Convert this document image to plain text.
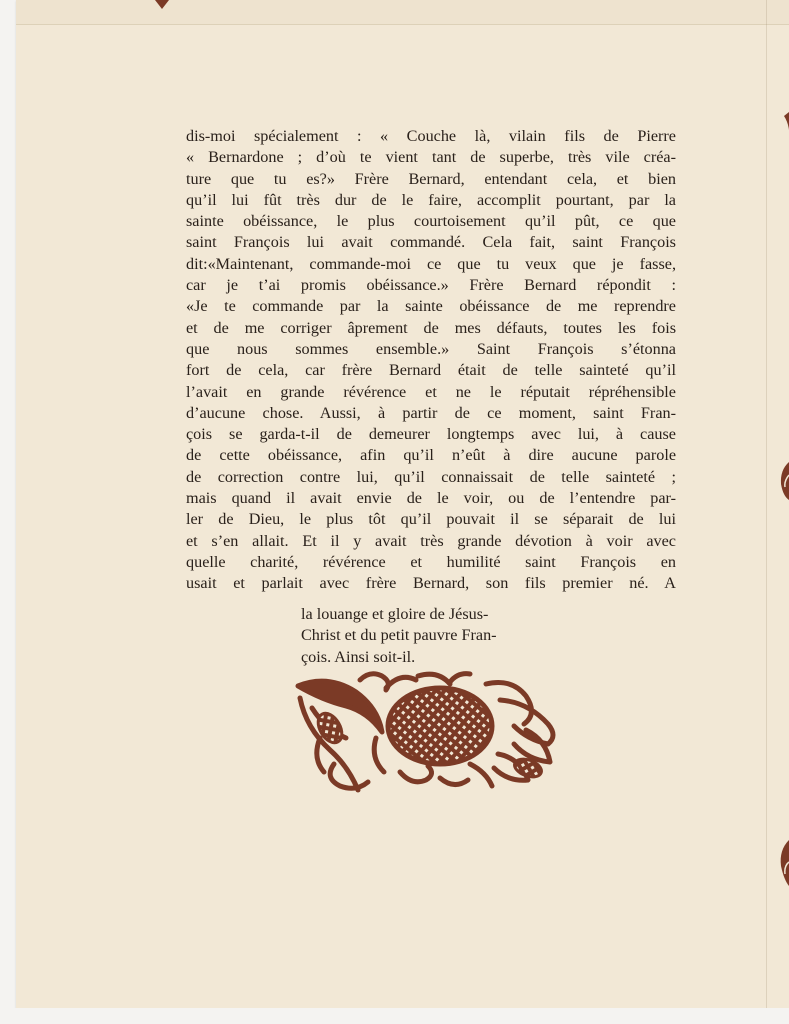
dis-moi spécialement : « Couche là, vilain fils de Pierre
« Bernardone ; d’où te vient tant de superbe, très vile créa-
ture que tu es?» Frère Bernard, entendant cela, et bien
qu’il lui fût très dur de le faire, accomplit pourtant, par la
sainte obéissance, le plus courtoisement qu’il pût, ce que
saint François lui avait commandé. Cela fait, saint François
dit:«Maintenant, commande-moi ce que tu veux que je fasse,
car je t’ai promis obéissance.» Frère Bernard répondit :
«Je te commande par la sainte obéissance de me reprendre
et de me corriger âprement de mes défauts, toutes les fois
que nous sommes ensemble.» Saint François s’étonna
fort de cela, car frère Bernard était de telle sainteté qu’il
l’avait en grande révérence et ne le réputait répréhensible
d’aucune chose. Aussi, à partir de ce moment, saint Fran-
çois se garda-t-il de demeurer longtemps avec lui, à cause
de cette obéissance, afin qu’il n’eût à dire aucune parole
de correction contre lui, qu’il connaissait de telle sainteté ;
mais quand il avait envie de le voir, ou de l’entendre par-
ler de Dieu, le plus tôt qu’il pouvait il se séparait de lui
et s’en allait. Et il y avait très grande dévotion à voir avec
quelle charité, révérence et humilité saint François en
usait et parlait avec frère Bernard, son fils premier né. A
la louange et gloire de Jésus-
Christ et du petit pauvre Fran-
çois. Ainsi soit-il.
